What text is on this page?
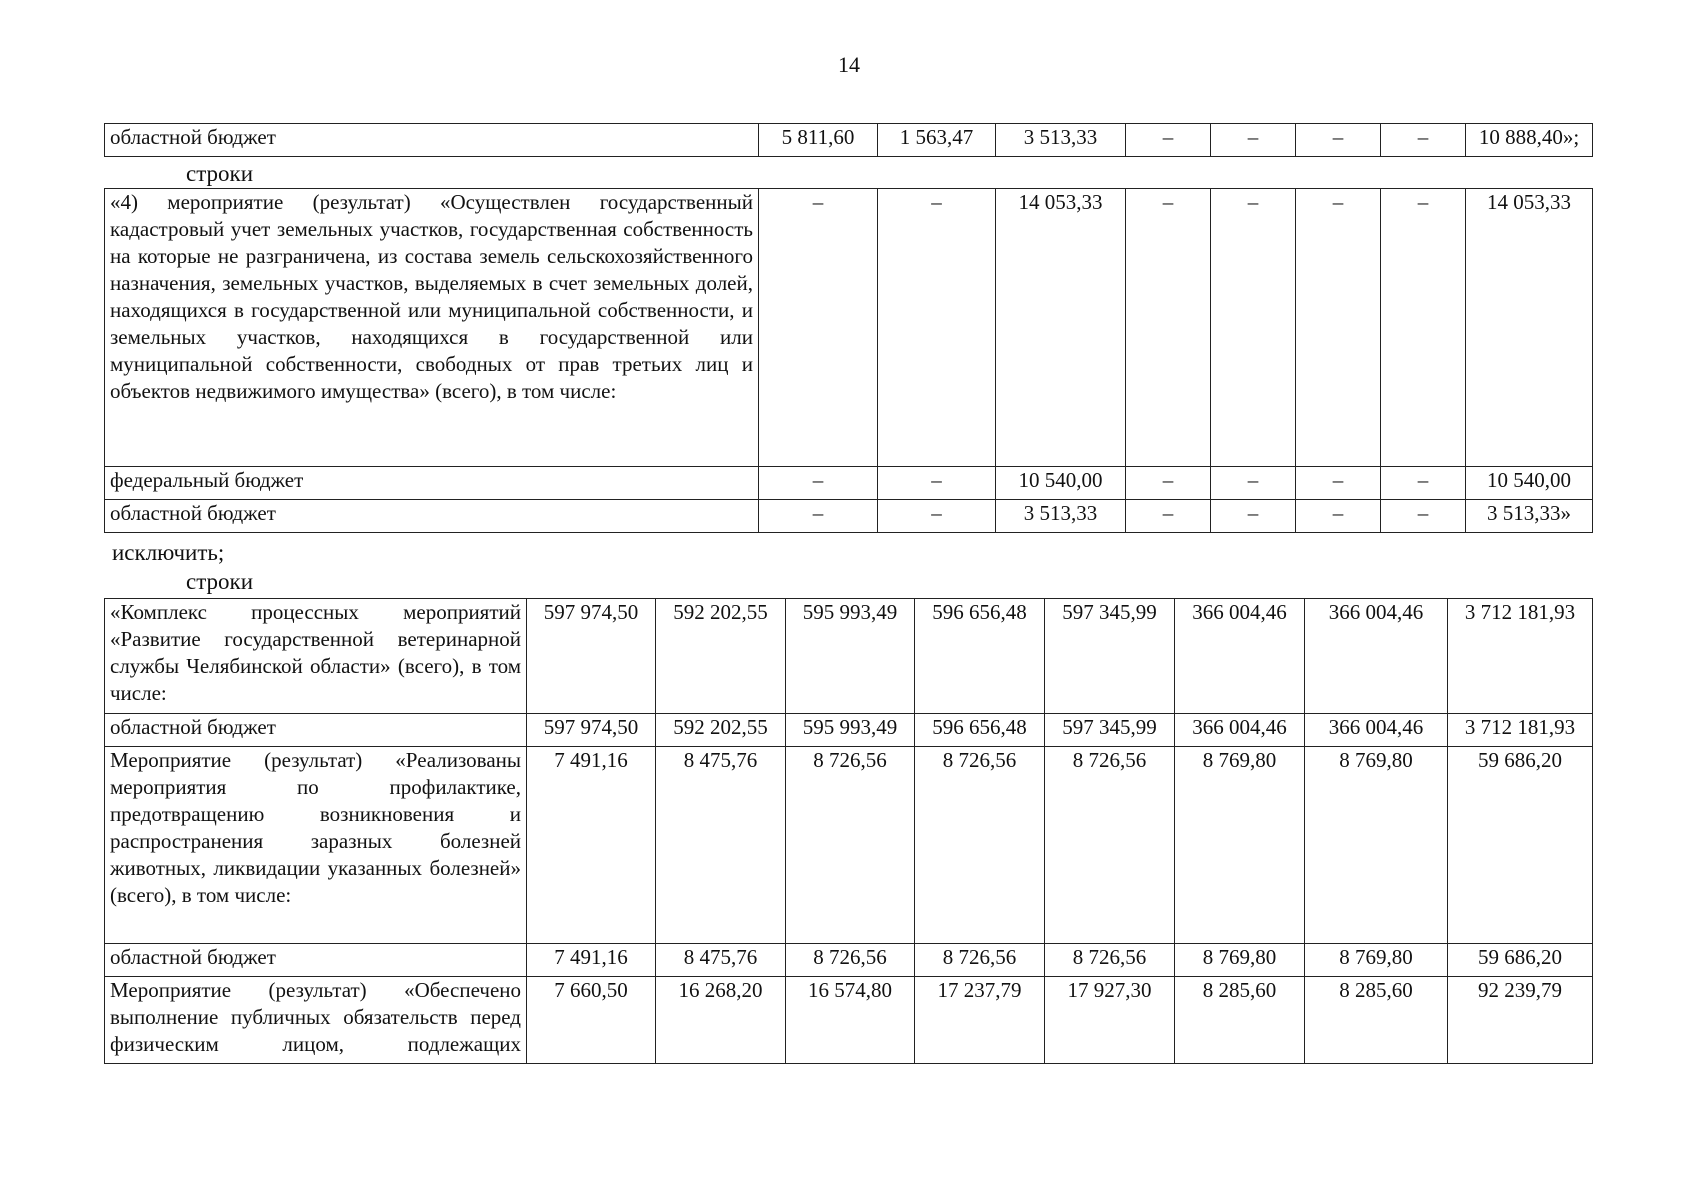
14
областной бюджет	5 811,60	1 563,47	3 513,33	–	–	–	–	10 888,40»;
строки
«4) мероприятие (результат) «Осуществлен государственный кадастровый учет земельных участков, государственная собственность на которые не разграничена, из состава земель сельскохозяйственного назначения, земельных участков, выделяемых в счет земельных долей, находящихся в государственной или муниципальной собственности, и земельных участков, находящихся в государственной или муниципальной собственности, свободных от прав третьих лиц и объектов недвижимого имущества» (всего), в том числе:	–	–	14 053,33	–	–	–	–	14 053,33
федеральный бюджет	–	–	10 540,00	–	–	–	–	10 540,00
областной бюджет	–	–	3 513,33	–	–	–	–	3 513,33»
исключить;
строки
«Комплекс процессных мероприятий «Развитие государственной ветеринарной службы Челябинской области» (всего), в том числе:	597 974,50	592 202,55	595 993,49	596 656,48	597 345,99	366 004,46	366 004,46	3 712 181,93
областной бюджет	597 974,50	592 202,55	595 993,49	596 656,48	597 345,99	366 004,46	366 004,46	3 712 181,93
Мероприятие (результат) «Реализованы мероприятия по профилактике, предотвращению возникновения и распространения заразных болезней животных, ликвидации указанных болезней» (всего), в том числе:	7 491,16	8 475,76	8 726,56	8 726,56	8 726,56	8 769,80	8 769,80	59 686,20
областной бюджет	7 491,16	8 475,76	8 726,56	8 726,56	8 726,56	8 769,80	8 769,80	59 686,20
Мероприятие (результат) «Обеспечено выполнение публичных обязательств перед физическим лицом, подлежащих	7 660,50	16 268,20	16 574,80	17 237,79	17 927,30	8 285,60	8 285,60	92 239,79
